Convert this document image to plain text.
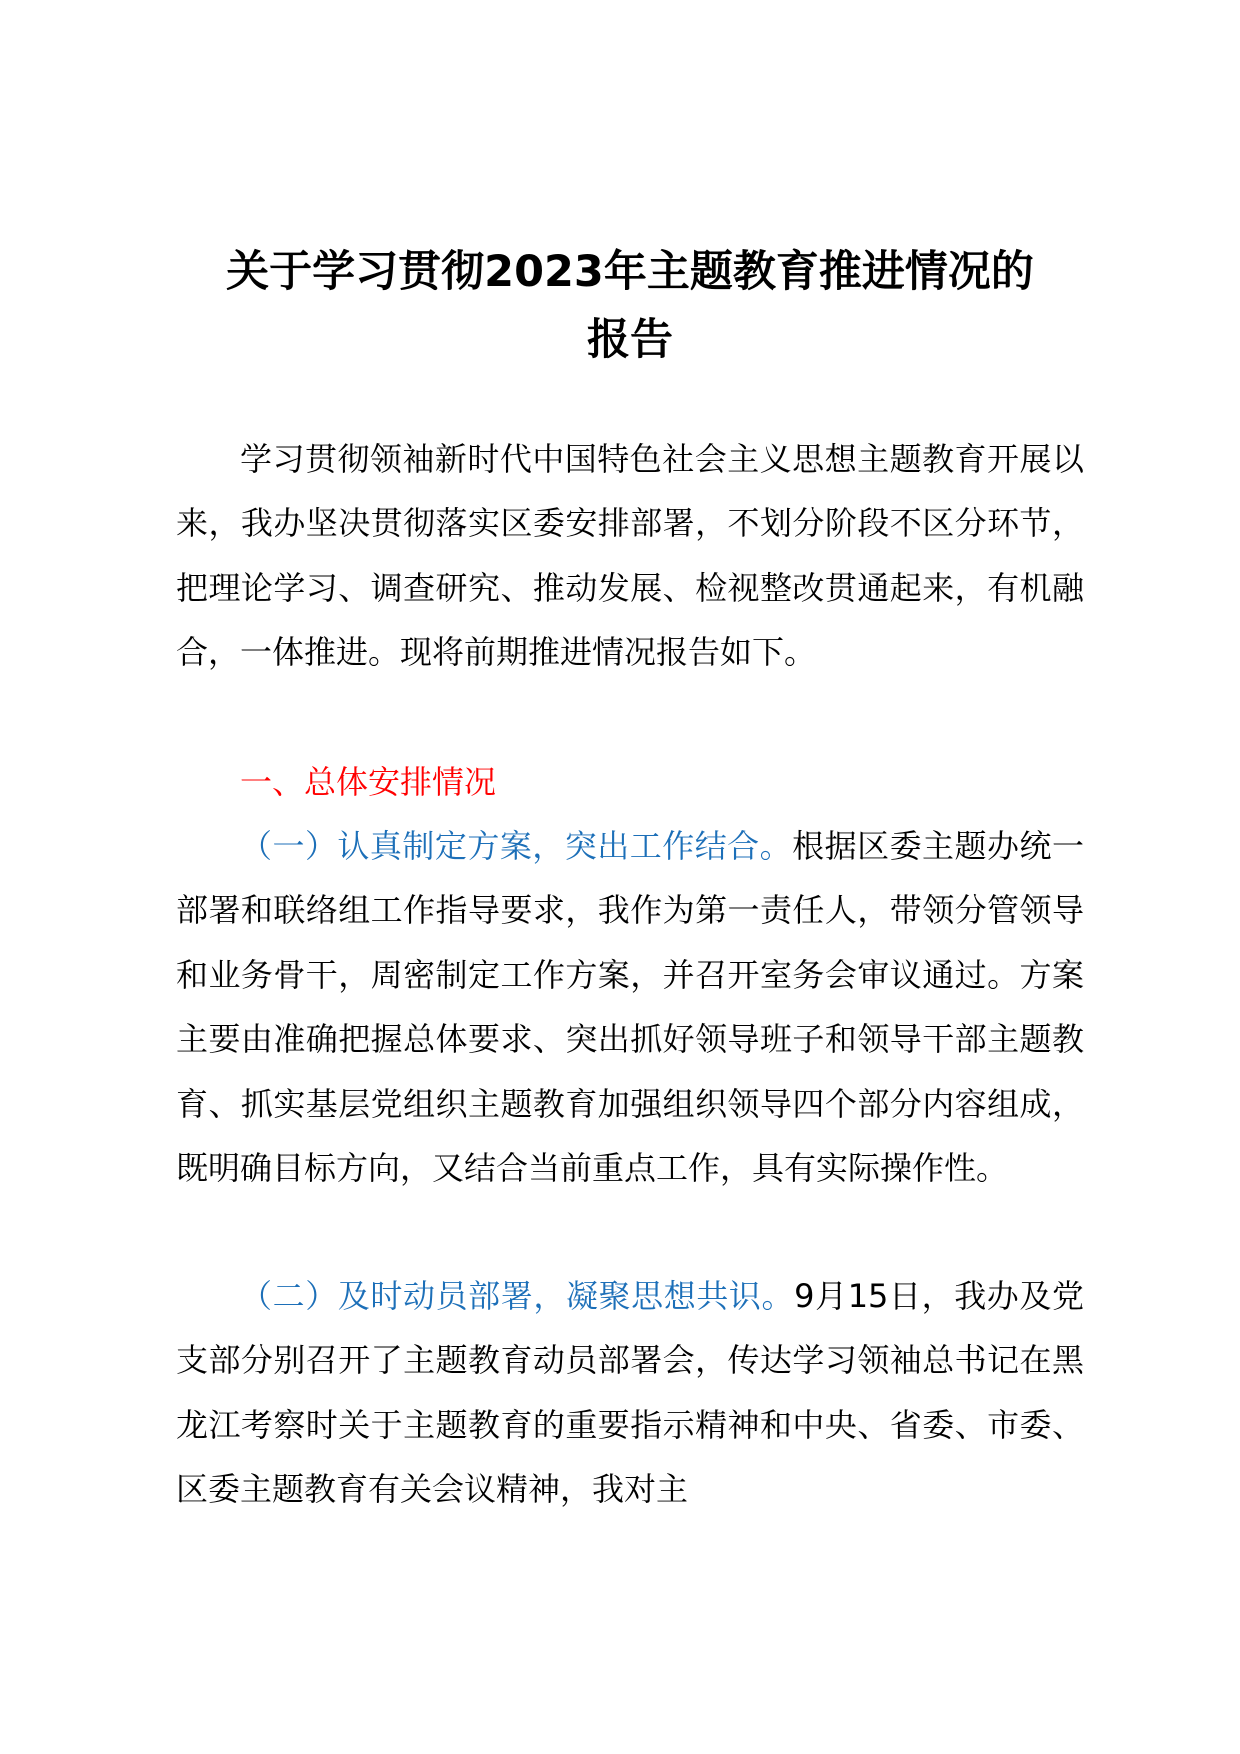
关于学习贯彻2023年主题教育推进情况的
报告

学习贯彻领袖新时代中国特色社会主义思想主题教育开展以来，我办坚决贯彻落实区委安排部署，不划分阶段不区分环节，把理论学习、调查研究、推动发展、检视整改贯通起来，有机融合，一体推进。现将前期推进情况报告如下。

一、总体安排情况

（一）认真制定方案，突出工作结合。根据区委主题办统一部署和联络组工作指导要求，我作为第一责任人，带领分管领导和业务骨干，周密制定工作方案，并召开室务会审议通过。方案主要由准确把握总体要求、突出抓好领导班子和领导干部主题教育、抓实基层党组织主题教育加强组织领导四个部分内容组成，既明确目标方向，又结合当前重点工作，具有实际操作性。

（二）及时动员部署，凝聚思想共识。9月15日，我办及党支部分别召开了主题教育动员部署会，传达学习领袖总书记在黑龙江考察时关于主题教育的重要指示精神和中央、省委、市委、区委主题教育有关会议精神，我对主
